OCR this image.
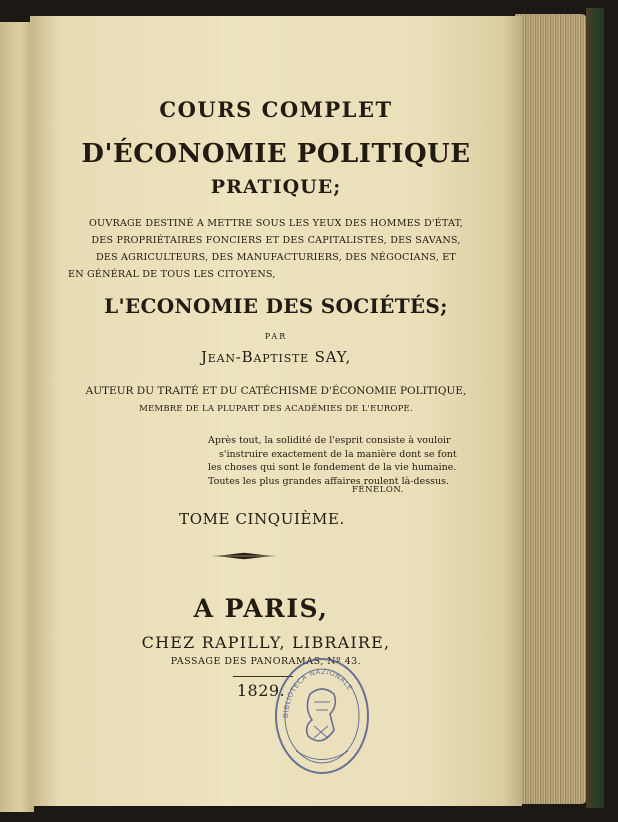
COURS COMPLET
D'ÉCONOMIE POLITIQUE
PRATIQUE;
OUVRAGE DESTINÉ A METTRE SOUS LES YEUX DES HOMMES D'ÉTAT,
DES PROPRIÉTAIRES FONCIERS ET DES CAPITALISTES, DES SAVANS,
DES AGRICULTEURS, DES MANUFACTURIERS, DES NÉGOCIANS, ET
EN GÉNÉRAL DE TOUS LES CITOYENS,
L'ECONOMIE DES SOCIÉTÉS;
PAR
Jean-Baptiste SAY,
AUTEUR DU TRAITÉ ET DU CATÉCHISME D'ÉCONOMIE POLITIQUE,
MEMBRE DE LA PLUPART DES ACADÉMIES DE L'EUROPE.
Après tout, la solidité de l'esprit consiste à vouloir
s'instruire exactement de la manière dont se font
les choses qui sont le fondement de la vie humaine.
Toutes les plus grandes affaires roulent là-dessus.
FÉNELON.
TOME CINQUIÈME.
A PARIS,
CHEZ RAPILLY, LIBRAIRE,
PASSAGE DES PANORAMAS, Nº 43.
1829.
BIBLIOTECA NAZIONALE
